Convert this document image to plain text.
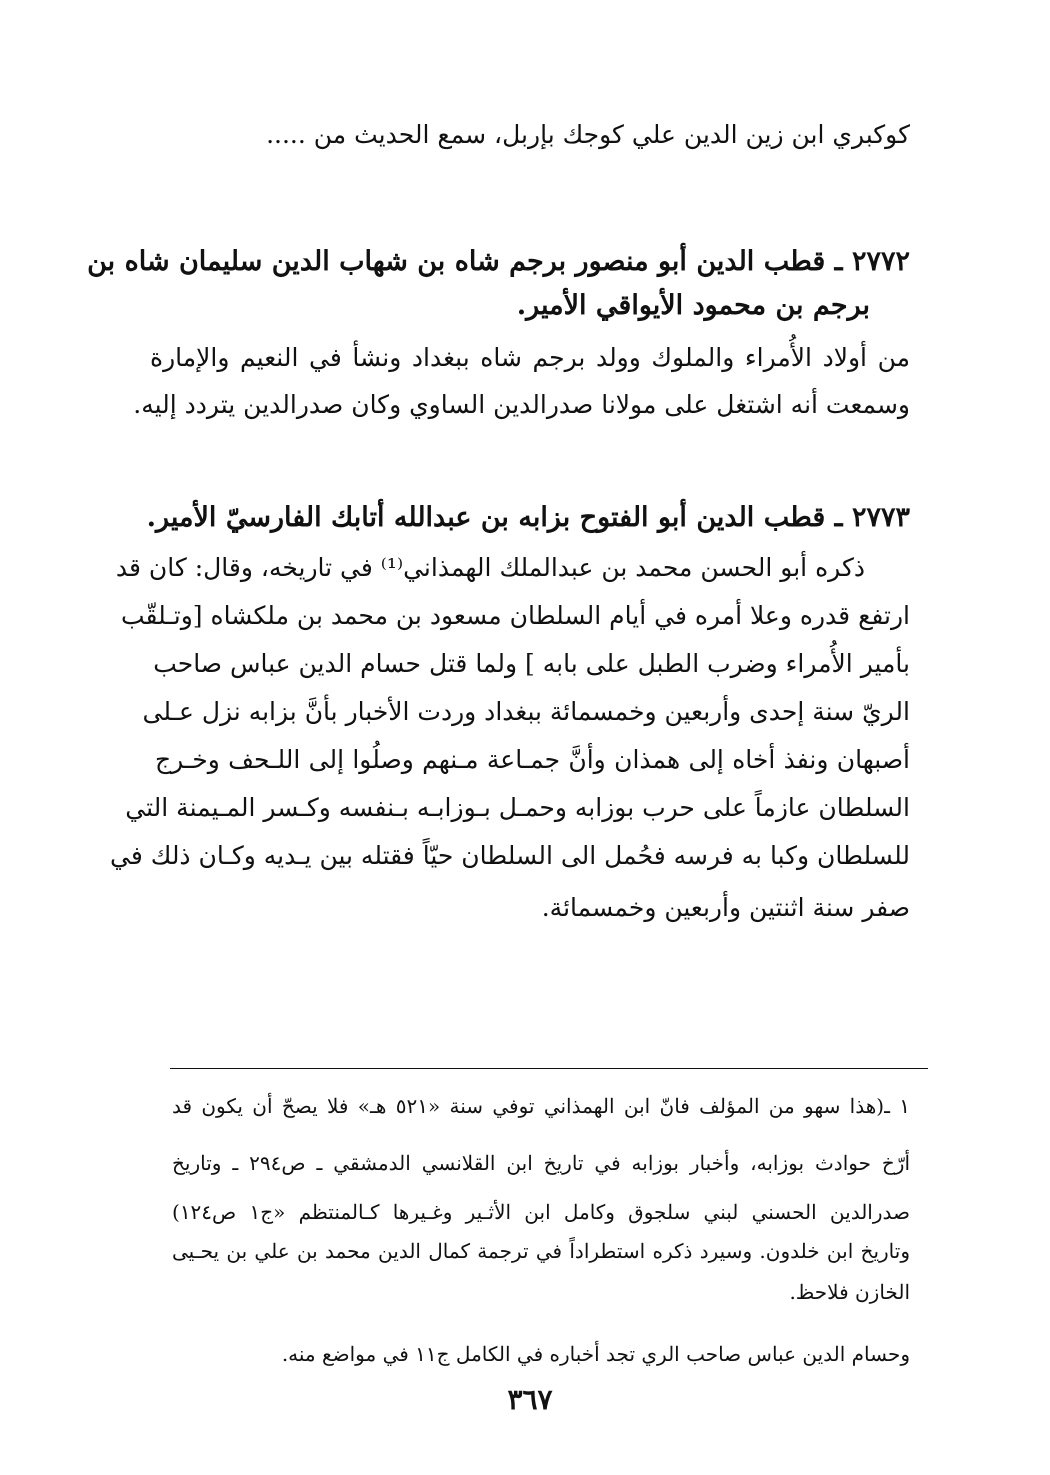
كوكبري ابن زين الدين علي كوجك بإربل، سمع الحديث من .....
٢٧٧٢ ـ قطب الدين أبو منصور برجم شاه بن شهاب الدين سليمان شاه بن
برجم بن محمود الأيواقي الأمير.
من أولاد الأُمراء والملوك وولد برجم شاه ببغداد ونشأ في النعيم والإمارة
وسمعت أنه اشتغل على مولانا صدرالدين الساوي وكان صدرالدين يتردد إليه.
٢٧٧٣ ـ قطب الدين أبو الفتوح بزابه بن عبدالله أتابك الفارسيّ الأمير.
ذكره أبو الحسن محمد بن عبدالملك الهمذاني⁽¹⁾ في تاريخه، وقال: كان قد
ارتفع قدره وعلا أمره في أيام السلطان مسعود بن محمد بن ملكشاه [وتـلقّب
بأمير الأُمراء وضرب الطبل على بابه ] ولما قتل حسام الدين عباس صاحب
الريّ سنة إحدى وأربعين وخمسمائة ببغداد وردت الأخبار بأنَّ بزابه نزل عـلى
أصبهان ونفذ أخاه إلى همذان وأنَّ جمـاعة مـنهم وصلُوا إلى اللـحف وخـرج
السلطان عازماً على حرب بوزابه وحمـل بـوزابـه بـنفسه وكـسر المـيمنة التي
للسلطان وكبا به فرسه فحُمل الى السلطان حيّاً فقتله بين يـديه وكـان ذلك في
صفر سنة اثنتين وأربعين وخمسمائة.
١ ـ(هذا سهو من المؤلف فانّ ابن الهمذاني توفي سنة «٥٢١ هـ» فلا يصحّ أن يكون قد
أرّخ حوادث بوزابه، وأخبار بوزابه في تاريخ ابن القلانسي الدمشقي ـ ص٢٩٤ ـ وتاريخ
صدرالدين الحسني لبني سلجوق وكامل ابن الأثـير وغـيرها كـالمنتظم «ج١ ص١٢٤)
وتاريخ ابن خلدون. وسيرد ذكره استطراداً في ترجمة كمال الدين محمد بن علي بن يحـيى
الخازن فلاحظ.
وحسام الدين عباس صاحب الري تجد أخباره في الكامل ج١١ في مواضع منه.
٣٦٧
